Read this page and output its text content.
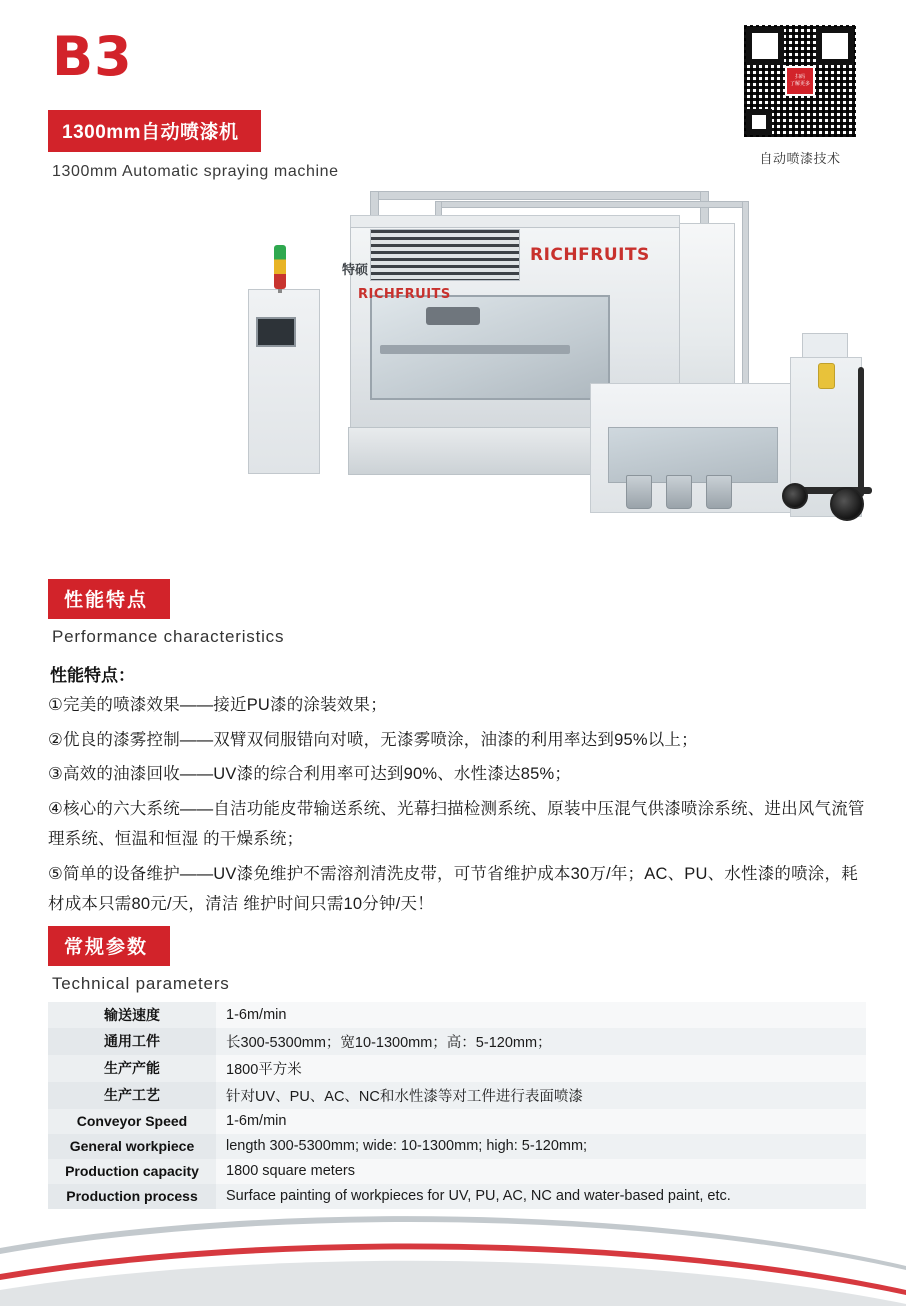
B3
1300mm自动喷漆机
1300mm Automatic spraying machine
扫码
了解更多
自动喷漆技术
RICHFRUITS
RICHFRUITS
特硕
性能特点
Performance characteristics
性能特点：
①完美的喷漆效果——接近PU漆的涂装效果；
②优良的漆雾控制——双臂双伺服错向对喷，无漆雾喷涂，油漆的利用率达到95%以上；
③高效的油漆回收——UV漆的综合利用率可达到90%、水性漆达85%；
④核心的六大系统——自洁功能皮带输送系统、光幕扫描检测系统、原装中压混气供漆喷涂系统、进出风气流管理系统、恒温和恒湿 的干燥系统；
⑤简单的设备维护——UV漆免维护不需溶剂清洗皮带，可节省维护成本30万/年；AC、PU、水性漆的喷涂，耗材成本只需80元/天，清洁 维护时间只需10分钟/天！
常规参数
Technical parameters
输送速度	1-6m/min
通用工件	长300-5300mm；宽10-1300mm；高：5-120mm；
生产产能	1800平方米
生产工艺	针对UV、PU、AC、NC和水性漆等对工件进行表面喷漆
Conveyor Speed	1-6m/min
General workpiece	length 300-5300mm; wide: 10-1300mm; high: 5-120mm;
Production capacity	1800 square meters
Production process	Surface painting of workpieces for UV, PU, AC, NC and water-based paint, etc.
